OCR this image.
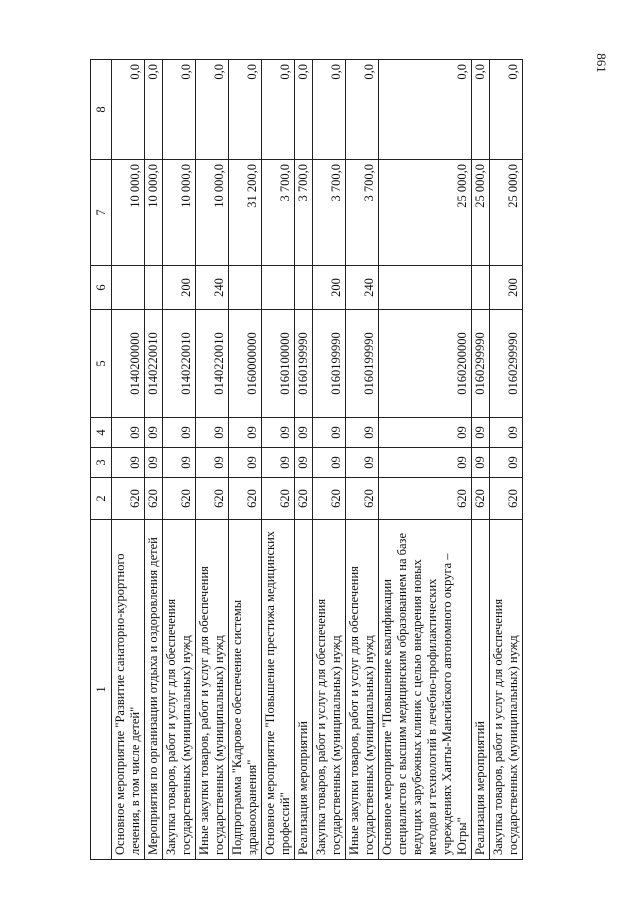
861
1	2	3	4	5	6	7	8
Основное мероприятие "Развитие санаторно-курортного лечения, в том числе детей"	620	09	09	0140200000		10 000,0	0,0
Мероприятия по организации отдыха и оздоровления детей	620	09	09	0140220010		10 000,0	0,0
Закупка товаров, работ и услуг для обеспечения государственных (муниципальных) нужд	620	09	09	0140220010	200	10 000,0	0,0
Иные закупки товаров, работ и услуг для обеспечения государственных (муниципальных) нужд	620	09	09	0140220010	240	10 000,0	0,0
Подпрограмма "Кадровое обеспечение системы здравоохранения"	620	09	09	0160000000		31 200,0	0,0
Основное мероприятие "Повышение престижа медицинских профессий"	620	09	09	0160100000		3 700,0	0,0
Реализация мероприятий	620	09	09	0160199990		3 700,0	0,0
Закупка товаров, работ и услуг для обеспечения государственных (муниципальных) нужд	620	09	09	0160199990	200	3 700,0	0,0
Иные закупки товаров, работ и услуг для обеспечения государственных (муниципальных) нужд	620	09	09	0160199990	240	3 700,0	0,0
Основное мероприятие "Повышение квалификации специалистов с высшим медицинским образованием на базе ведущих зарубежных клиник с целью внедрения новых методов и технологий в лечебно-профилактических учреждениях Ханты-Мансийского автономного округа – Югры"	620	09	09	0160200000		25 000,0	0,0
Реализация мероприятий	620	09	09	0160299990		25 000,0	0,0
Закупка товаров, работ и услуг для обеспечения государственных (муниципальных) нужд	620	09	09	0160299990	200	25 000,0	0,0
